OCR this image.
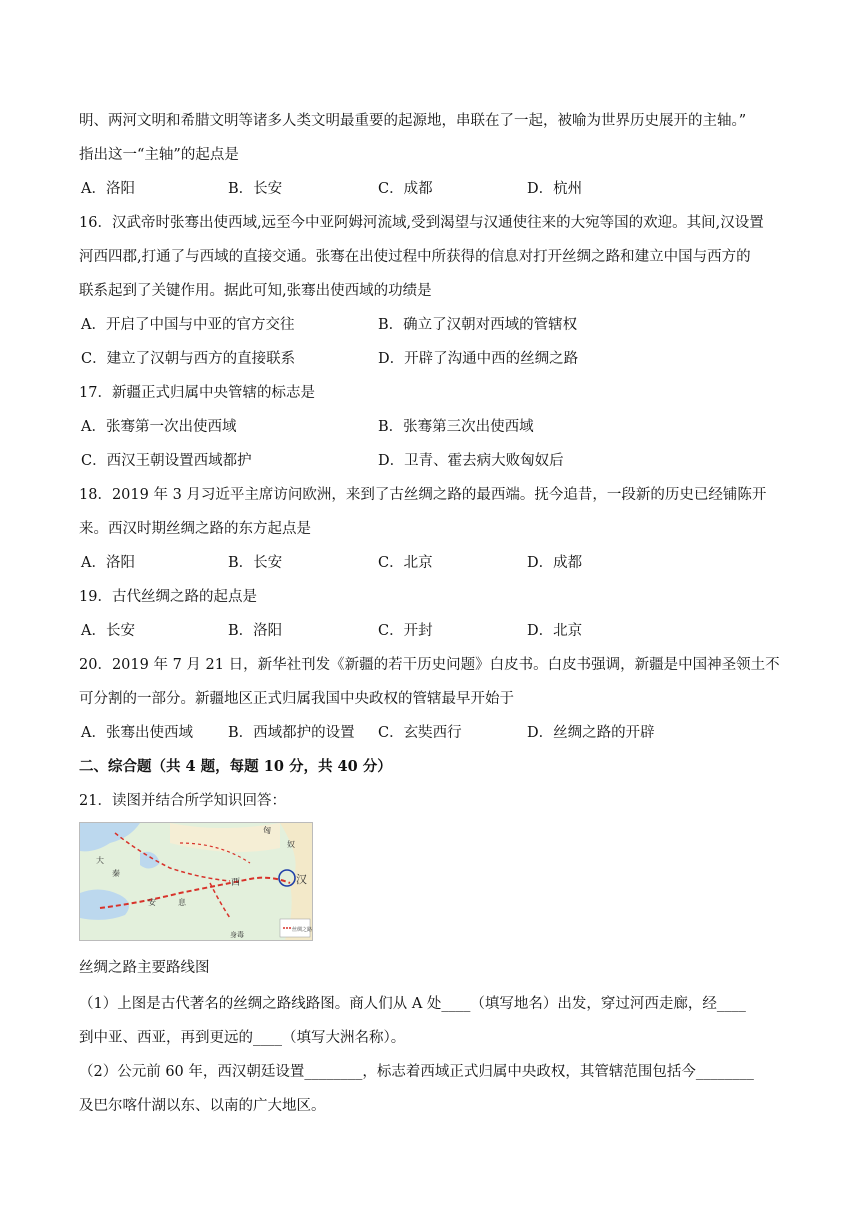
明、两河文明和希腊文明等诸多人类文明最重要的起源地，串联在了一起，被喻为世界历史展开的主轴。”
指出这一“主轴”的起点是
A．洛阳	B．长安	C．成都	D．杭州
16．汉武帝时张骞出使西域,远至今中亚阿姆河流域,受到渴望与汉通使往来的大宛等国的欢迎。其间,汉设置
河西四郡,打通了与西域的直接交通。张骞在出使过程中所获得的信息对打开丝绸之路和建立中国与西方的
联系起到了关键作用。据此可知,张骞出使西域的功绩是
A．开启了中国与中亚的官方交往	B．确立了汉朝对西域的管辖权
C．建立了汉朝与西方的直接联系	D．开辟了沟通中西的丝绸之路
17．新疆正式归属中央管辖的标志是
A．张骞第一次出使西域	B．张骞第三次出使西域
C．西汉王朝设置西域都护	D．卫青、霍去病大败匈奴后
18．2019 年 3 月习近平主席访问欧洲，来到了古丝绸之路的最西端。抚今追昔，一段新的历史已经铺陈开
来。西汉时期丝绸之路的东方起点是
A．洛阳	B．长安	C．北京	D．成都
19．古代丝绸之路的起点是
A．长安	B．洛阳	C．开封	D．北京
20．2019 年 7 月 21 日，新华社刊发《新疆的若干历史问题》白皮书。白皮书强调，新疆是中国神圣领土不
可分割的一部分。新疆地区正式归属我国中央政权的管辖最早开始于
A．张骞出使西域 B．西域都护的设置 C．玄奘西行	D．丝绸之路的开辟
二、综合题（共 4 题，每题 10 分，共 40 分）
21．读图并结合所学知识回答：
匈
奴
大
秦
安	息
西	汉
身毒
丝绸之路
丝绸之路主要路线图
（1）上图是古代著名的丝绸之路线路图。商人们从 A 处____（填写地名）出发，穿过河西走廊，经____
到中亚、西亚，再到更远的____（填写大洲名称）。
（2）公元前 60 年，西汉朝廷设置________，标志着西域正式归属中央政权，其管辖范围包括今________
及巴尔喀什湖以东、以南的广大地区。
